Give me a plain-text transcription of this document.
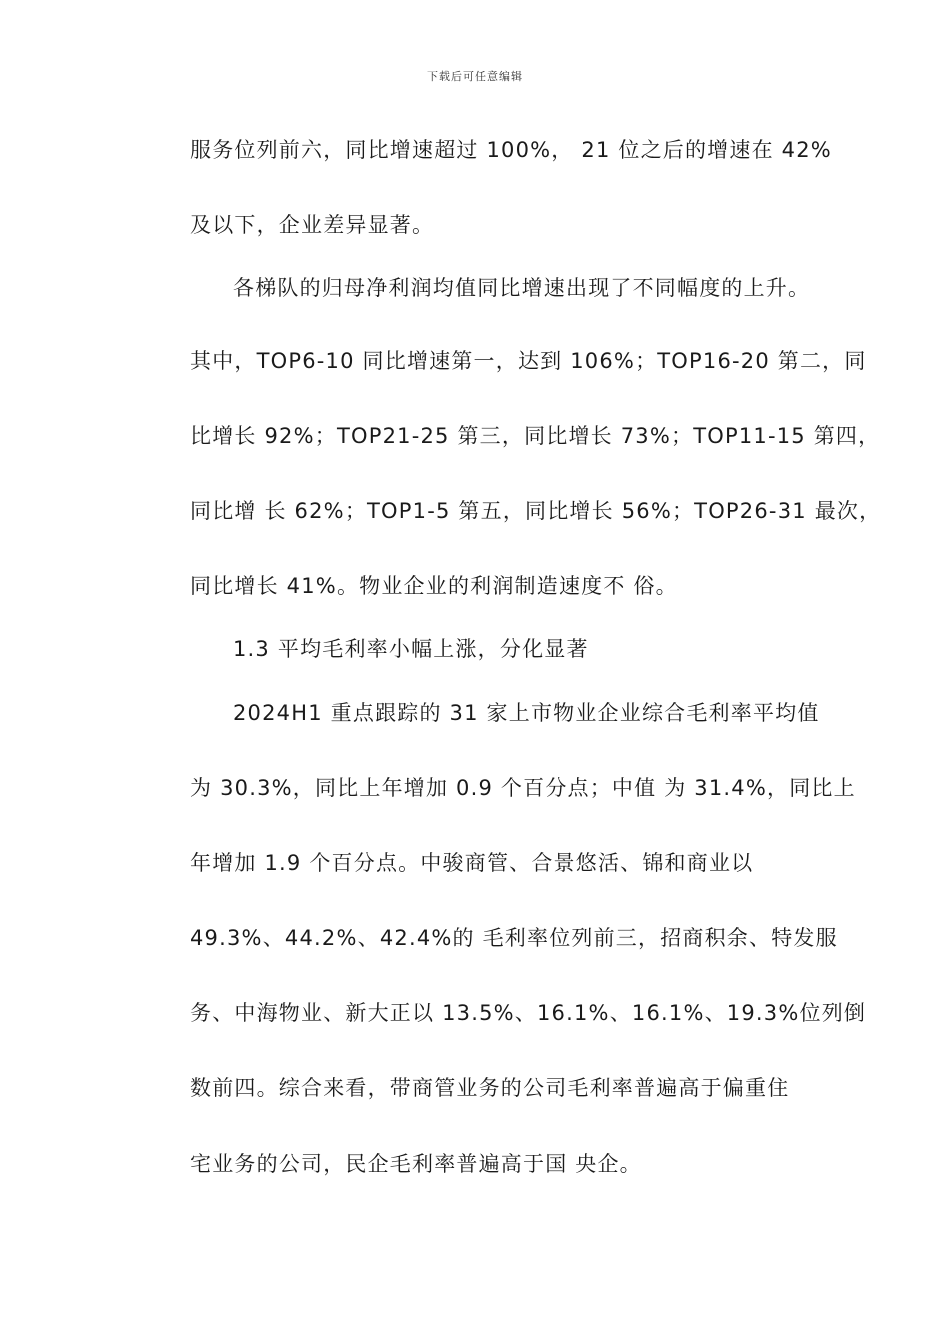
下载后可任意编辑
服务位列前六，同比增速超过 100%， 21 位之后的增速在 42%
及以下，企业差异显著。
各梯队的归母净利润均值同比增速出现了不同幅度的上升。
其中，TOP6-10 同比增速第一，达到 106%；TOP16-20 第二，同
比增长 92%；TOP21-25 第三，同比增长 73%；TOP11-15 第四，
同比增 长 62%；TOP1-5 第五，同比增长 56%；TOP26-31 最次，
同比增长 41%。物业企业的利润制造速度不 俗。
1.3 平均毛利率小幅上涨，分化显著
2024H1 重点跟踪的 31 家上市物业企业综合毛利率平均值
为 30.3%，同比上年增加 0.9 个百分点；中值 为 31.4%，同比上
年增加 1.9 个百分点。中骏商管、合景悠活、锦和商业以
49.3%、44.2%、42.4%的 毛利率位列前三，招商积余、特发服
务、中海物业、新大正以 13.5%、16.1%、16.1%、19.3%位列倒
数前四。综合来看，带商管业务的公司毛利率普遍高于偏重住
宅业务的公司，民企毛利率普遍高于国 央企。
